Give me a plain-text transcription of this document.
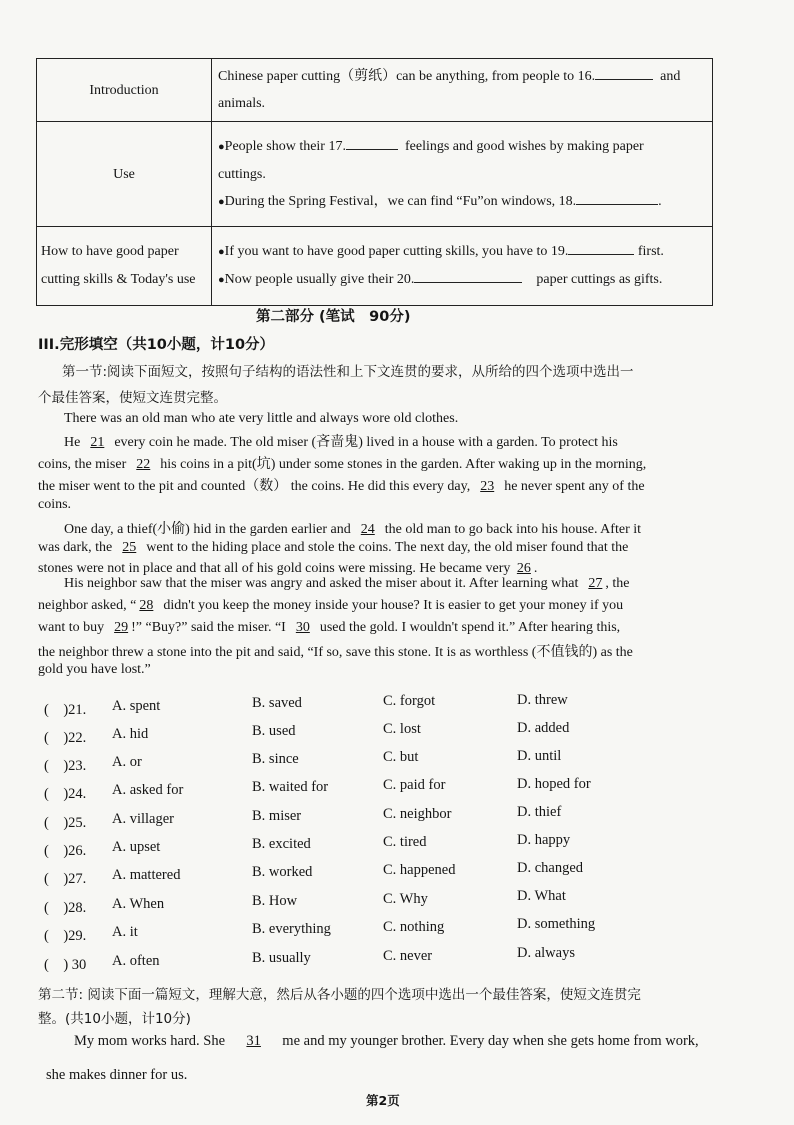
Introduction	Chinese paper cutting（剪纸）can be anything, from people to 16. and
animals.
Use	●People show their 17. feelings and good wishes by making paper
cuttings.
●During the Spring Festival，we can find “Fu”on windows, 18. .
How to have good paper
cutting skills & Today's use	●If you want to have good paper cutting skills, you have to 19. first.
●Now people usually give their 20. paper cuttings as gifts.
第二部分 (笔试　90分)
III.完形填空（共10小题，计10分）
第一节:阅读下面短文，按照句子结构的语法性和上下文连贯的要求，从所给的四个选项中选出一
个最佳答案，使短文连贯完整。
There was an old man who ate very little and always wore old clothes.
He 21 every coin he made. The old miser (吝啬鬼) lived in a house with a garden. To protect his
coins, the miser 22 his coins in a pit(坑) under some stones in the garden. After waking up in the morning,
the miser went to the pit and counted（数） the coins. He did this every day, 23 he never spent any of the
coins.
One day, a thief(小偷) hid in the garden earlier and 24 the old man to go back into his house. After it
was dark, the 25 went to the hiding place and stole the coins. The next day, the old miser found that the
stones were not in place and that all of his gold coins were missing. He became very 26 .
His neighbor saw that the miser was angry and asked the miser about it. After learning what 27 , the
neighbor asked, “ 28 didn't you keep the money inside your house? It is easier to get your money if you
want to buy 29 !” “Buy?” said the miser. “I 30 used the gold. I wouldn't spend it.” After hearing this,
the neighbor threw a stone into the pit and said, “If so, save this stone. It is as worthless (不值钱的) as the
gold you have lost.”
(　)21. A. spent	B. saved	C. forgot	D. threw
(　)22. A. hid	B. used	C. lost	D. added
(　)23. A. or	B. since	C. but	D. until
(　)24. A. asked for	B. waited for	C. paid for	D. hoped for
(　)25. A. villager	B. miser	C. neighbor	D. thief
(　)26. A. upset	B. excited	C. tired	D. happy
(　)27. A. mattered	B. worked	C. happened	D. changed
(　)28. A. When	B. How	C. Why	D. What
(　)29. A. it	B. everything	C. nothing	D. something
(　) 30 A. often	B. usually	C. never	D. always
第二节: 阅读下面一篇短文，理解大意，然后从各小题的四个选项中选出一个最佳答案，使短文连贯完
整。(共10小题，计10分)
My mom works hard. She 31 me and my younger brother. Every day when she gets home from work,
she makes dinner for us.
第2页
